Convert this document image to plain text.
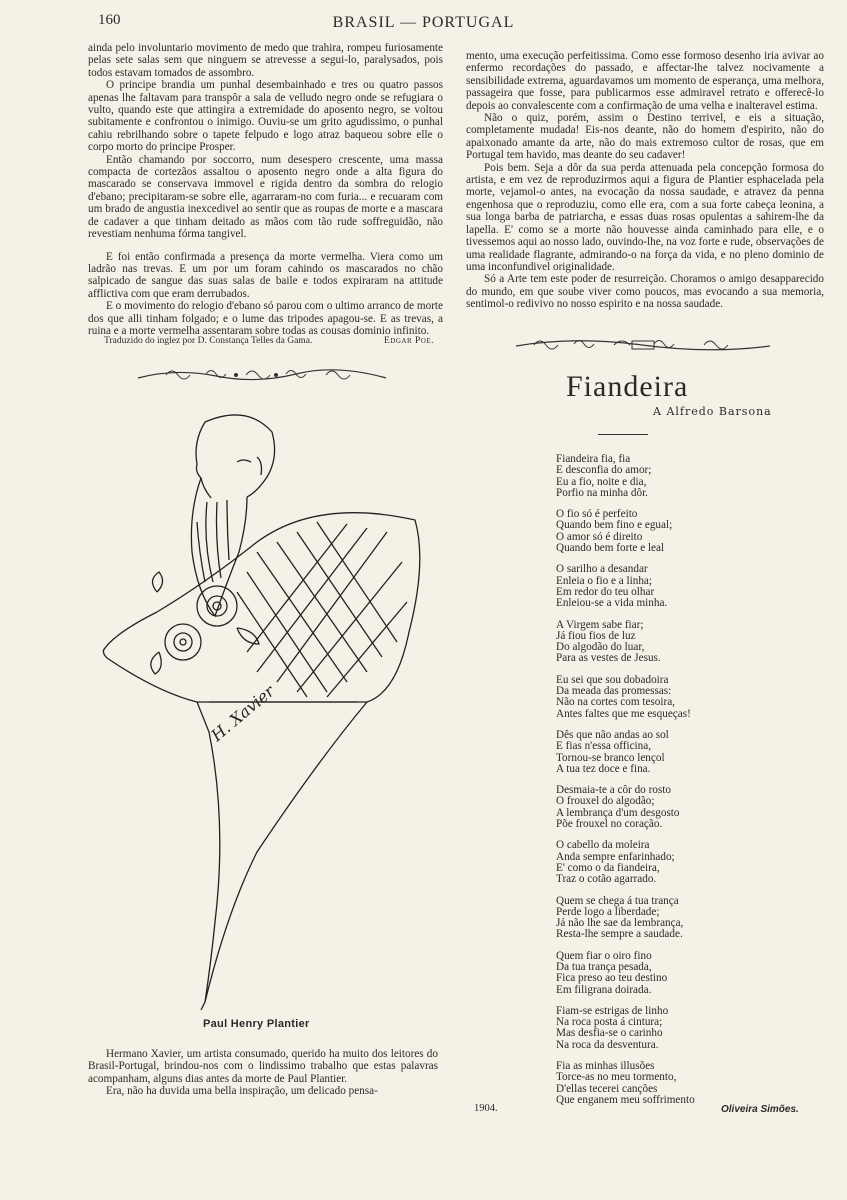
160	BRASIL — PORTUGAL

ainda pelo involuntario movimento de medo que trahira, rompeu furiosamente pelas sete salas sem que ninguem se atrevesse a segui-lo, paralysados, pois todos estavam tomados de assombro.

O principe brandia um punhal desembainhado e tres ou quatro passos apenas lhe faltavam para transpôr a sala de velludo negro onde se refugiara o vulto, quando este que attingira a extremidade do aposento negro, se voltou subitamente e confrontou o inimigo. Ouviu-se um grito agudissimo, o punhal cahiu rebrilhando sobre o tapete felpudo e logo atraz baqueou sobre elle o corpo morto do principe Prosper.

Então chamando por soccorro, num desespero crescente, uma massa compacta de cortezãos assaltou o aposento negro onde a alta figura do mascarado se conservava immovel e rigida dentro da sombra do relogio d'ebano; precipitaram-se sobre elle, agarraram-no com furia... e recuaram com um brado de angustia inexcedivel ao sentir que as roupas de morte e a mascara de cadaver a que tinham deitado as mãos com tão rude soffreguidão, não revestiam nenhuma fórma tangivel.

E foi então confirmada a presença da morte vermelha. Viera como um ladrão nas trevas. E um por um foram cahindo os mascarados no chão salpicado de sangue das suas salas de baile e todos expiraram na attitude afflictiva com que eram derrubados.

E o movimento do relogio d'ebano só parou com o ultimo arranco de morte dos que alli tinham folgado; e o lume das tripodes apagou-se. E as trevas, a ruina e a morte vermelha assentaram sobre todas as cousas dominio infinito.

Traduzido do inglez por D. Constança Telles da Gama.	Edgar Poe.
H. Xavier
Paul Henry Plantier

Hermano Xavier, um artista consumado, querido ha muito dos leitores do Brasil-Portugal, brindou-nos com o lindissimo trabalho que estas palavras acompanham, alguns dias antes da morte de Paul Plantier.

Era, não ha duvida uma bella inspiração, um delicado pensa-

mento, uma execução perfeitissima. Como esse formoso desenho iria avivar ao enfermo recordações do passado, e affectar-lhe talvez nocivamente a sensibilidade extrema, aguardavamos um momento de esperança, uma melhora, passageira que fosse, para publicarmos esse admiravel retrato e offerecê-lo depois ao convalescente com a confirmação de uma velha e inalteravel estima.

Não o quiz, porém, assim o Destino terrivel, e eis a situação, completamente mudada! Eis-nos deante, não do homem d'espirito, não do apaixonado amante da arte, não do mais extremoso cultor de rosas, que em Portugal tem havido, mas deante do seu cadaver!

Pois bem. Seja a dôr da sua perda attenuada pela concepção formosa do artista, e em vez de reproduzirmos aqui a figura de Plantier esphacelada pela morte, vejamol-o antes, na evocação da nossa saudade, e atravez da penna engenhosa que o reproduziu, como elle era, com a sua forte cabeça leonina, a sua longa barba de patriarcha, e essas duas rosas opulentas a sahirem-lhe da lapella. E' como se a morte não houvesse ainda caminhado para elle, e o tivessemos aqui ao nosso lado, ouvindo-lhe, na voz forte e rude, observações de uma realidade flagrante, admirando-o na força da vida, e no pleno dominio de uma inconfundivel originalidade.

Só a Arte tem este poder de resurreição. Choramos o amigo desapparecido do mundo, em que soube viver como poucos, mas evocando a sua memoria, sentimol-o redivivo no nosso espirito e na nossa saudade.

Fiandeira
A Alfredo Barsona
Fiandeira fia, fia
E desconfia do amor;
Eu a fio, noite e dia,
Porfio na minha dôr.
O fio só é perfeito
Quando bem fino e egual;
O amor só é direito
Quando bem forte e leal
O sarilho a desandar
Enleia o fio e a linha;
Em redor do teu olhar
Enleiou-se a vida minha.
A Virgem sabe fiar;
Já fiou fios de luz
Do algodão do luar,
Para as vestes de Jesus.
Eu sei que sou dobadoira
Da meada das promessas:
Não na cortes com tesoira,
Antes faltes que me esqueças!
Dês que não andas ao sol
E fias n'essa officina,
Tornou-se branco lençol
A tua tez doce e fina.
Desmaia-te a côr do rosto
O frouxel do algodão;
A lembrança d'um desgosto
Põe frouxel no coração.
O cabello da moleira
Anda sempre enfarinhado;
E' como o da fiandeira,
Traz o cotão agarrado.
Quem se chega á tua trança
Perde logo a liberdade;
Já não lhe sae da lembrança,
Resta-lhe sempre a saudade.
Quem fiar o oiro fino
Da tua trança pesada,
Fica preso ao teu destino
Em filigrana doirada.
Fiam-se estrigas de linho
Na roca posta á cintura;
Mas desfia-se o carinho
Na roca da desventura.
Fia as minhas illusões
Torce-as no meu tormento,
D'ellas tecerei canções
Que enganem meu soffrimento
1904.	Oliveira Simões.
